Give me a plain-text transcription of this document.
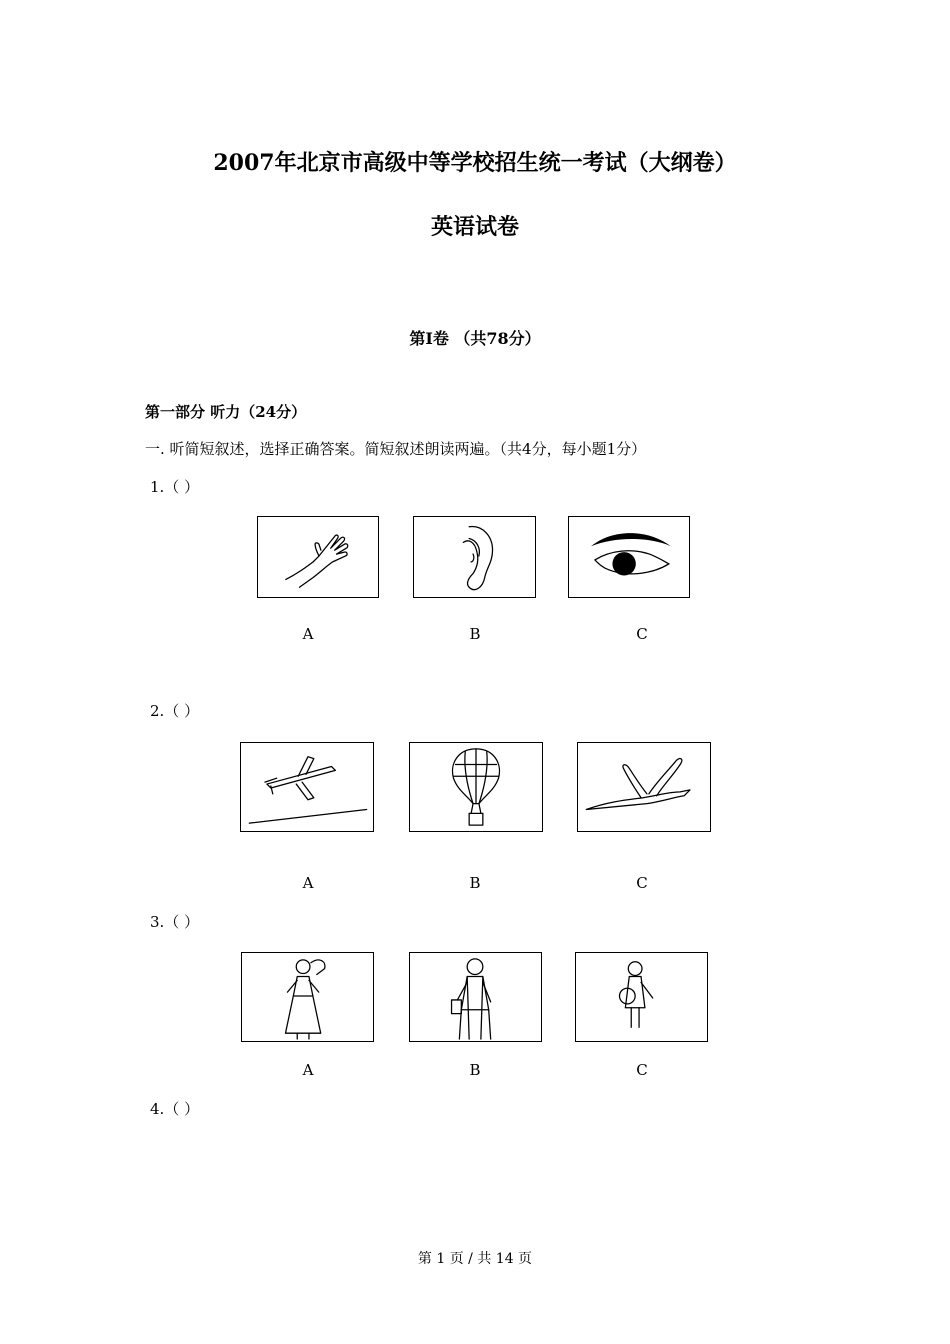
2007年北京市高级中等学校招生统一考试（大纲卷）
英语试卷
第I卷 （共78分）
第一部分 听力（24分）
一. 听简短叙述，选择正确答案。简短叙述朗读两遍。（共4分，每小题1分）
1.（ ）
A	B	C
2.（ ）
A	B	C
3.（ ）
A	B	C
4.（ ）
第 1 页 / 共 14 页
